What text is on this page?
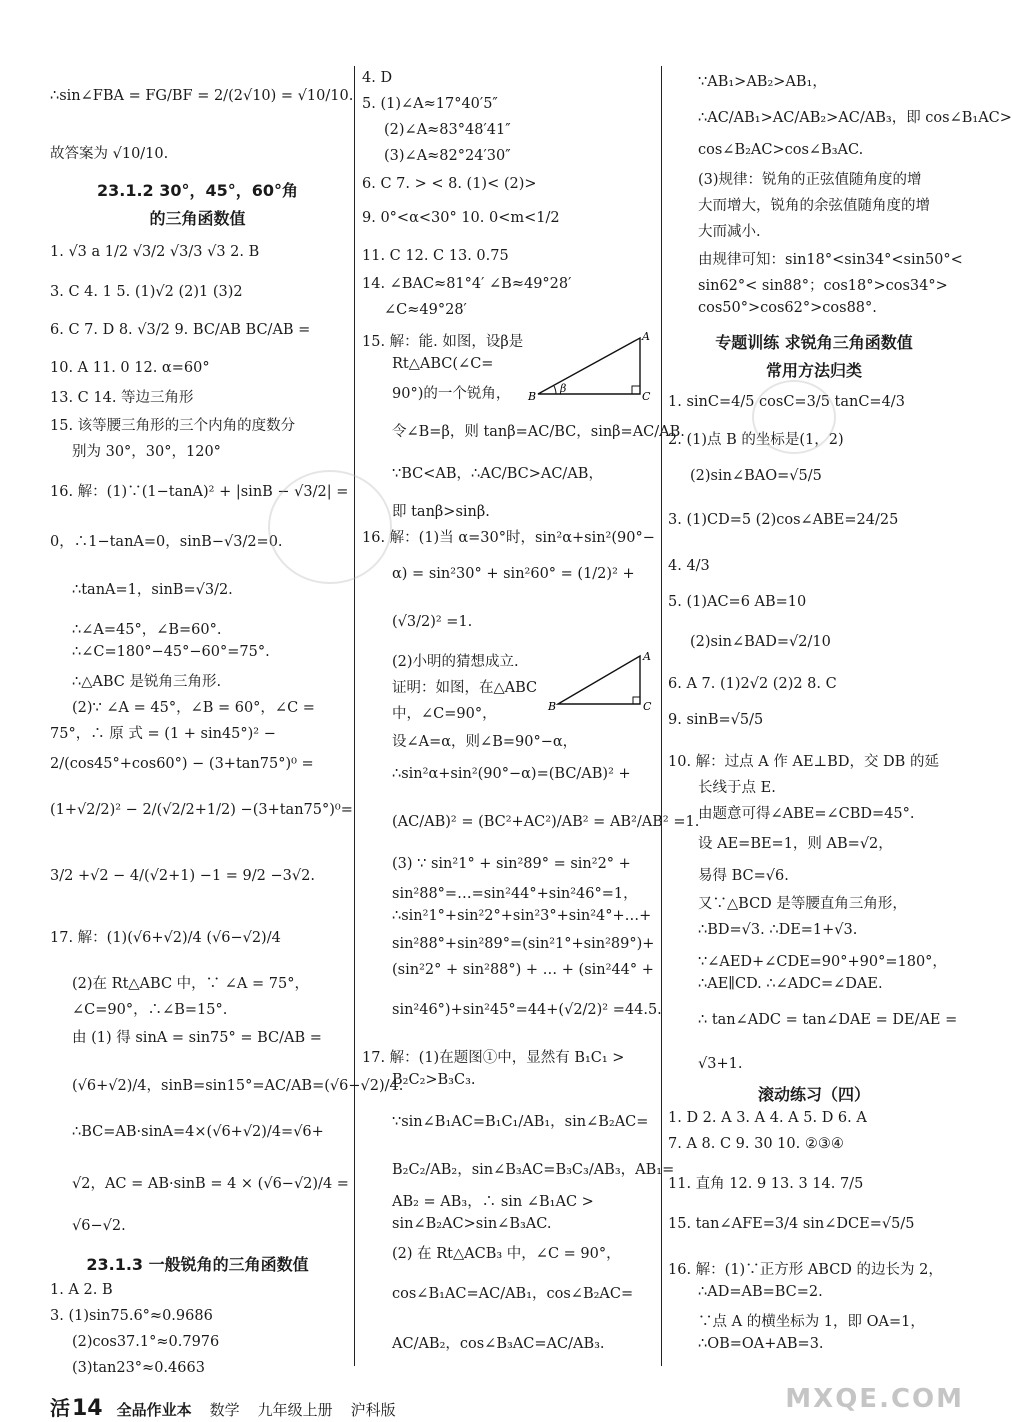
∴sin∠FBA = FG/BF = 2/(2√10) = √10/10.
故答案为 √10/10.
23.1.2 30°，45°，60°角
的三角函数值
1. √3 a 1/2 √3/2 √3/3 √3 2. B
3. C 4. 1 5. (1)√2 (2)1 (3)2
6. C 7. D 8. √3/2 9. BC/AB BC/AB =
10. A 11. 0 12. α=60°
13. C 14. 等边三角形
15. 该等腰三角形的三个内角的度数分
别为 30°，30°，120°
16. 解：(1)∵(1−tanA)² + |sinB − √3/2| =
0，∴1−tanA=0，sinB−√3/2=0.
∴tanA=1，sinB=√3/2.
∴∠A=45°，∠B=60°.
∴∠C=180°−45°−60°=75°.
∴△ABC 是锐角三角形.
(2)∵ ∠A = 45°，∠B = 60°，∠C =
75°，∴ 原 式 = (1 + sin45°)² −
2/(cos45°+cos60°) − (3+tan75°)⁰ =
(1+√2/2)² − 2/(√2/2+1/2) −(3+tan75°)⁰=
3/2 +√2 − 4/(√2+1) −1 = 9/2 −3√2.
17. 解：(1)(√6+√2)/4 (√6−√2)/4
(2)在 Rt△ABC 中，∵ ∠A = 75°，
∠C=90°，∴∠B=15°.
由 (1) 得 sinA = sin75° = BC/AB =
(√6+√2)/4，sinB=sin15°=AC/AB=(√6−√2)/4.
∴BC=AB·sinA=4×(√6+√2)/4=√6+
√2，AC = AB·sinB = 4 × (√6−√2)/4 =
√6−√2.
23.1.3 一般锐角的三角函数值
1. A 2. B
3. (1)sin75.6°≈0.9686
(2)cos37.1°≈0.7976
(3)tan23°≈0.4663
4. D
5. (1)∠A≈17°40′5″
(2)∠A≈83°48′41″
(3)∠A≈82°24′30″
6. C 7. > < 8. (1)< (2)>
9. 0°<α<30° 10. 0<m<1/2
11. C 12. C 13. 0.75
14. ∠BAC≈81°4′ ∠B≈49°28′
∠C≈49°28′
15. 解：能. 如图，设β是
Rt△ABC(∠C=
90°)的一个锐角，
令∠B=β，则 tanβ=AC/BC，sinβ=AC/AB.
∵BC<AB，∴AC/BC>AC/AB，
即 tanβ>sinβ.
16. 解：(1)当 α=30°时，sin²α+sin²(90°−
α) = sin²30° + sin²60° = (1/2)² +
(√3/2)² =1.
(2)小明的猜想成立.
证明：如图，在△ABC
中，∠C=90°，
设∠A=α，则∠B=90°−α，
∴sin²α+sin²(90°−α)=(BC/AB)² +
(AC/AB)² = (BC²+AC²)/AB² = AB²/AB² =1.
(3) ∵ sin²1° + sin²89° = sin²2° +
sin²88°=…=sin²44°+sin²46°=1，
∴sin²1°+sin²2°+sin²3°+sin²4°+…+
sin²88°+sin²89°=(sin²1°+sin²89°)+
(sin²2° + sin²88°) + … + (sin²44° +
sin²46°)+sin²45°=44+(√2/2)² =44.5.
17. 解：(1)在题图①中，显然有 B₁C₁ >
B₂C₂>B₃C₃.
∵sin∠B₁AC=B₁C₁/AB₁，sin∠B₂AC=
B₂C₂/AB₂，sin∠B₃AC=B₃C₃/AB₃，AB₁=
AB₂ = AB₃，∴ sin ∠B₁AC >
sin∠B₂AC>sin∠B₃AC.
(2) 在 Rt△ACB₃ 中，∠C = 90°，
cos∠B₁AC=AC/AB₁，cos∠B₂AC=
AC/AB₂，cos∠B₃AC=AC/AB₃.
∵AB₁>AB₂>AB₁，
∴AC/AB₁>AC/AB₂>AC/AB₃，即 cos∠B₁AC>
cos∠B₂AC>cos∠B₃AC.
(3)规律：锐角的正弦值随角度的增
大而增大，锐角的余弦值随角度的增
大而减小.
由规律可知：sin18°<sin34°<sin50°<
sin62°< sin88°；cos18°>cos34°>
cos50°>cos62°>cos88°.
专题训练 求锐角三角函数值
常用方法归类
1. sinC=4/5 cosC=3/5 tanC=4/3
2. (1)点 B 的坐标是(1，2)
(2)sin∠BAO=√5/5
3. (1)CD=5 (2)cos∠ABE=24/25
4. 4/3
5. (1)AC=6 AB=10
(2)sin∠BAD=√2/10
6. A 7. (1)2√2 (2)2 8. C
9. sinB=√5/5
10. 解：过点 A 作 AE⊥BD，交 DB 的延
长线于点 E.
由题意可得∠ABE=∠CBD=45°.
设 AE=BE=1，则 AB=√2，
易得 BC=√6.
又∵△BCD 是等腰直角三角形，
∴BD=√3. ∴DE=1+√3.
∵∠AED+∠CDE=90°+90°=180°，
∴AE∥CD. ∴∠ADC=∠DAE.
∴ tan∠ADC = tan∠DAE = DE/AE =
√3+1.
滚动练习（四）
1. D 2. A 3. A 4. A 5. D 6. A
7. A 8. C 9. 30 10. ②③④
11. 直角 12. 9 13. 3 14. 7/5
15. tan∠AFE=3/4 sin∠DCE=√5/5
16. 解：(1)∵正方形 ABCD 的边长为 2，
∴AD=AB=BC=2.
∵点 A 的横坐标为 1，即 OA=1，
∴OB=OA+AB=3.
A
B	C
β
A
B	C
活14 全品作业本 数学 九年级上册 沪科版	MXQE.COM
